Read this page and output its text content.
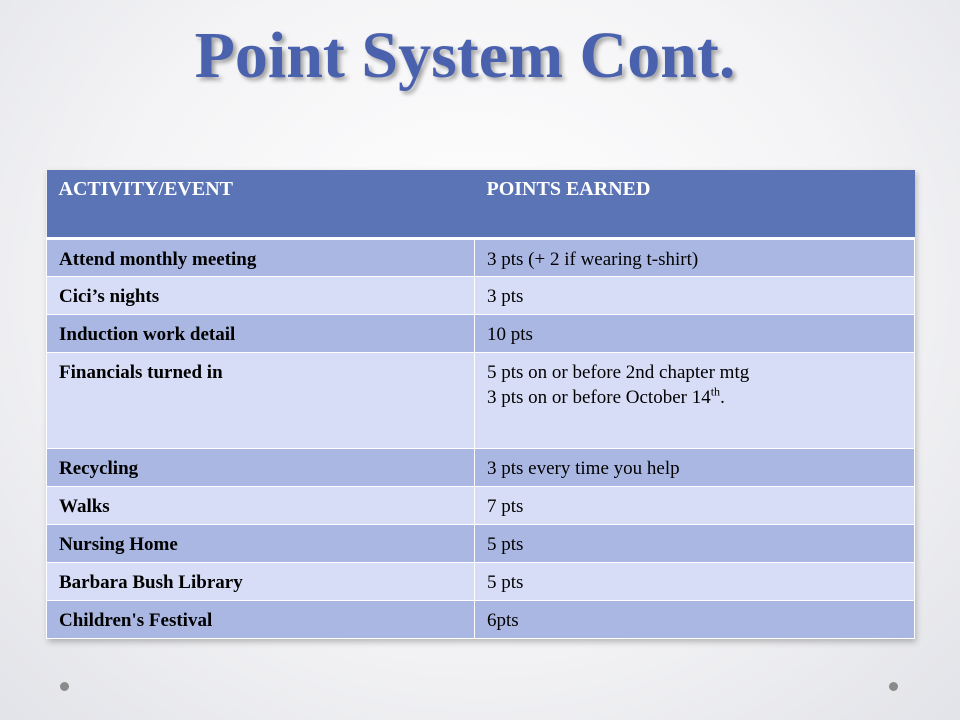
Point System Cont.
ACTIVITY/EVENT	POINTS EARNED
Attend monthly meeting	3 pts (+ 2 if wearing t-shirt)
Cici’s nights	3 pts
Induction work detail	10 pts
Financials turned in	5 pts on or before 2nd chapter mtg
3 pts on or before October 14th.

Recycling	3 pts every time you help
Walks	7 pts
Nursing Home	5 pts
Barbara Bush Library	5 pts
Children's Festival	6pts
